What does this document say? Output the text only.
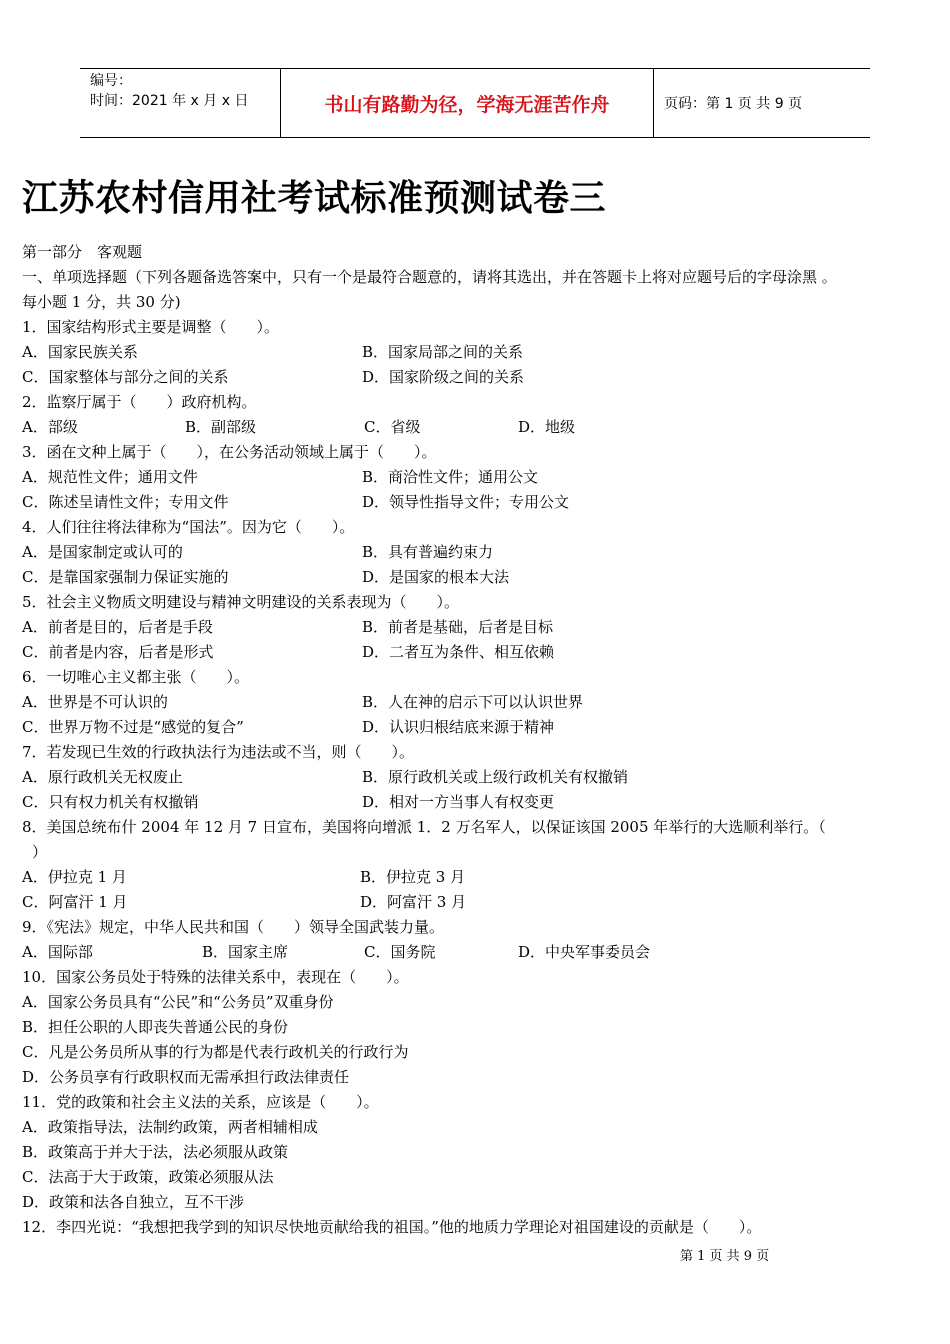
编号：
时间：2021 年 x 月 x 日	书山有路勤为径，学海无涯苦作舟	页码：第 1 页 共 9 页
江苏农村信用社考试标准预测试卷三
第一部分　客观题
一、单项选择题（下列各题备选答案中，只有一个是最符合题意的，请将其选出，并在答题卡上将对应题号后的字母涂黑 。
每小题 1 分，共 30 分)
1．国家结构形式主要是调整（　　）。
A．国家民族关系	B．国家局部之间的关系
C．国家整体与部分之间的关系	D．国家阶级之间的关系
2．监察厅属于（　　）政府机构。
A．部级	B．副部级	C．省级	D．地级
3．函在文种上属于（　　），在公务活动领域上属于（　　）。
A．规范性文件；通用文件	B．商洽性文件；通用公文
C．陈述呈请性文件；专用文件	D．领导性指导文件；专用公文
4．人们往往将法律称为“国法”。因为它（　　）。
A．是国家制定或认可的	B．具有普遍约束力
C．是靠国家强制力保证实施的	D．是国家的根本大法
5．社会主义物质文明建设与精神文明建设的关系表现为（　　）。
A．前者是目的，后者是手段	B．前者是基础，后者是目标
C．前者是内容，后者是形式	D．二者互为条件、相互依赖
6．一切唯心主义都主张（　　）。
A．世界是不可认识的	B．人在神的启示下可以认识世界
C．世界万物不过是“感觉的复合”	D．认识归根结底来源于精神
7．若发现已生效的行政执法行为违法或不当，则（　　）。
A．原行政机关无权废止	B．原行政机关或上级行政机关有权撤销
C．只有权力机关有权撤销	D．相对一方当事人有权变更
8．美国总统布什 2004 年 12 月 7 日宣布，美国将向增派 1．2 万名军人，以保证该国 2005 年举行的大选顺利举行。（
）
A．伊拉克 1 月	B．伊拉克 3 月
C．阿富汗 1 月	D．阿富汗 3 月
9．《宪法》规定，中华人民共和国（　　）领导全国武装力量。
A．国际部	B．国家主席	C．国务院	D．中央军事委员会
10．国家公务员处于特殊的法律关系中，表现在（　　）。
A．国家公务员具有“公民”和“公务员”双重身份
B．担任公职的人即丧失普通公民的身份
C．凡是公务员所从事的行为都是代表行政机关的行政行为
D．公务员享有行政职权而无需承担行政法律责任
11．党的政策和社会主义法的关系，应该是（　　）。
A．政策指导法，法制约政策，两者相辅相成
B．政策高于并大于法，法必须服从政策
C．法高于大于政策，政策必须服从法
D．政策和法各自独立，互不干涉
12．李四光说：“我想把我学到的知识尽快地贡献给我的祖国。”他的地质力学理论对祖国建设的贡献是（　　）。
第 1 页 共 9 页
